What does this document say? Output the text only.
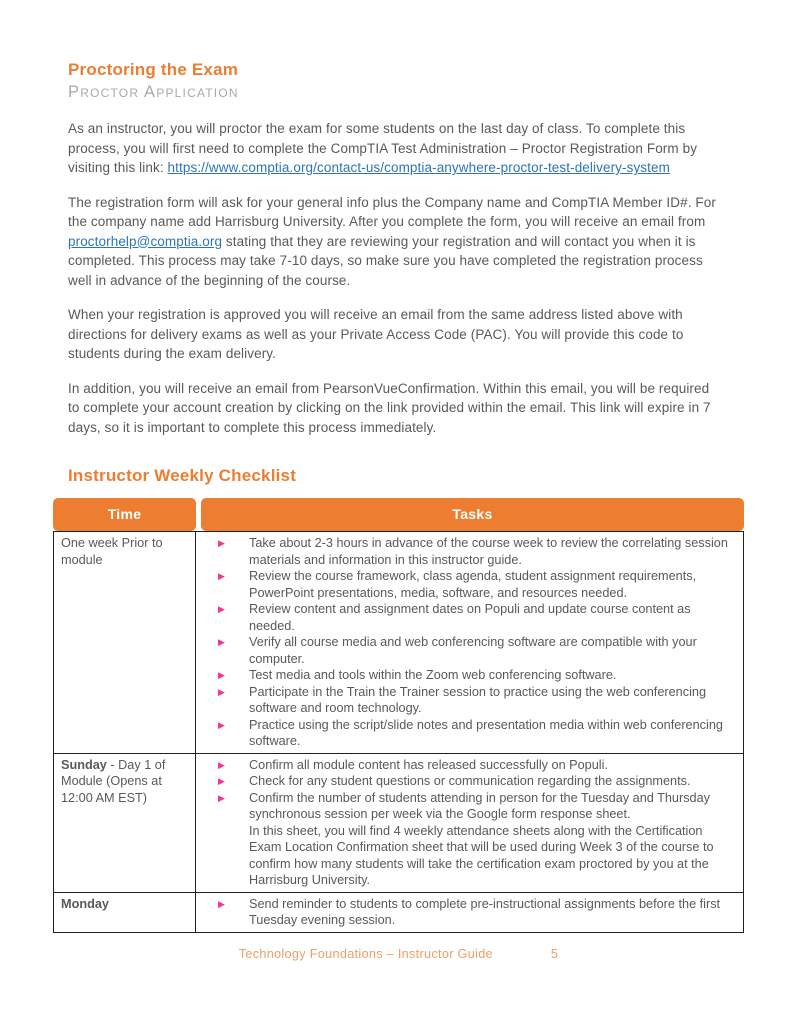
Proctoring the Exam
Proctor Application

As an instructor, you will proctor the exam for some students on the last day of class. To complete this process, you will first need to complete the CompTIA Test Administration – Proctor Registration Form by visiting this link: https://www.comptia.org/contact-us/comptia-anywhere-proctor-test-delivery-system

The registration form will ask for your general info plus the Company name and CompTIA Member ID#. For the company name add Harrisburg University. After you complete the form, you will receive an email from proctorhelp@comptia.org stating that they are reviewing your registration and will contact you when it is completed. This process may take 7-10 days, so make sure you have completed the registration process well in advance of the beginning of the course.

When your registration is approved you will receive an email from the same address listed above with directions for delivery exams as well as your Private Access Code (PAC). You will provide this code to students during the exam delivery.

In addition, you will receive an email from PearsonVueConfirmation. Within this email, you will be required to complete your account creation by clicking on the link provided within the email. This link will expire in 7 days, so it is important to complete this process immediately.

Instructor Weekly Checklist
Time	Tasks
One week Prior to module
▶	Take about 2-3 hours in advance of the course week to review the correlating session materials and information in this instructor guide.
▶	Review the course framework, class agenda, student assignment requirements, PowerPoint presentations, media, software, and resources needed.
▶	Review content and assignment dates on Populi and update course content as needed.
▶	Verify all course media and web conferencing software are compatible with your computer.
▶	Test media and tools within the Zoom web conferencing software.
▶	Participate in the Train the Trainer session to practice using the web conferencing software and room technology.
▶	Practice using the script/slide notes and presentation media within web conferencing software.
Sunday - Day 1 of Module (Opens at 12:00 AM EST)
▶	Confirm all module content has released successfully on Populi.
▶	Check for any student questions or communication regarding the assignments.
▶	Confirm the number of students attending in person for the Tuesday and Thursday synchronous session per week via the Google form response sheet.
In this sheet, you will find 4 weekly attendance sheets along with the Certification Exam Location Confirmation sheet that will be used during Week 3 of the course to confirm how many students will take the certification exam proctored by you at the Harrisburg University.
Monday	▶	Send reminder to students to complete pre-instructional assignments before the first Tuesday evening session.
Technology Foundations – Instructor Guide	5
